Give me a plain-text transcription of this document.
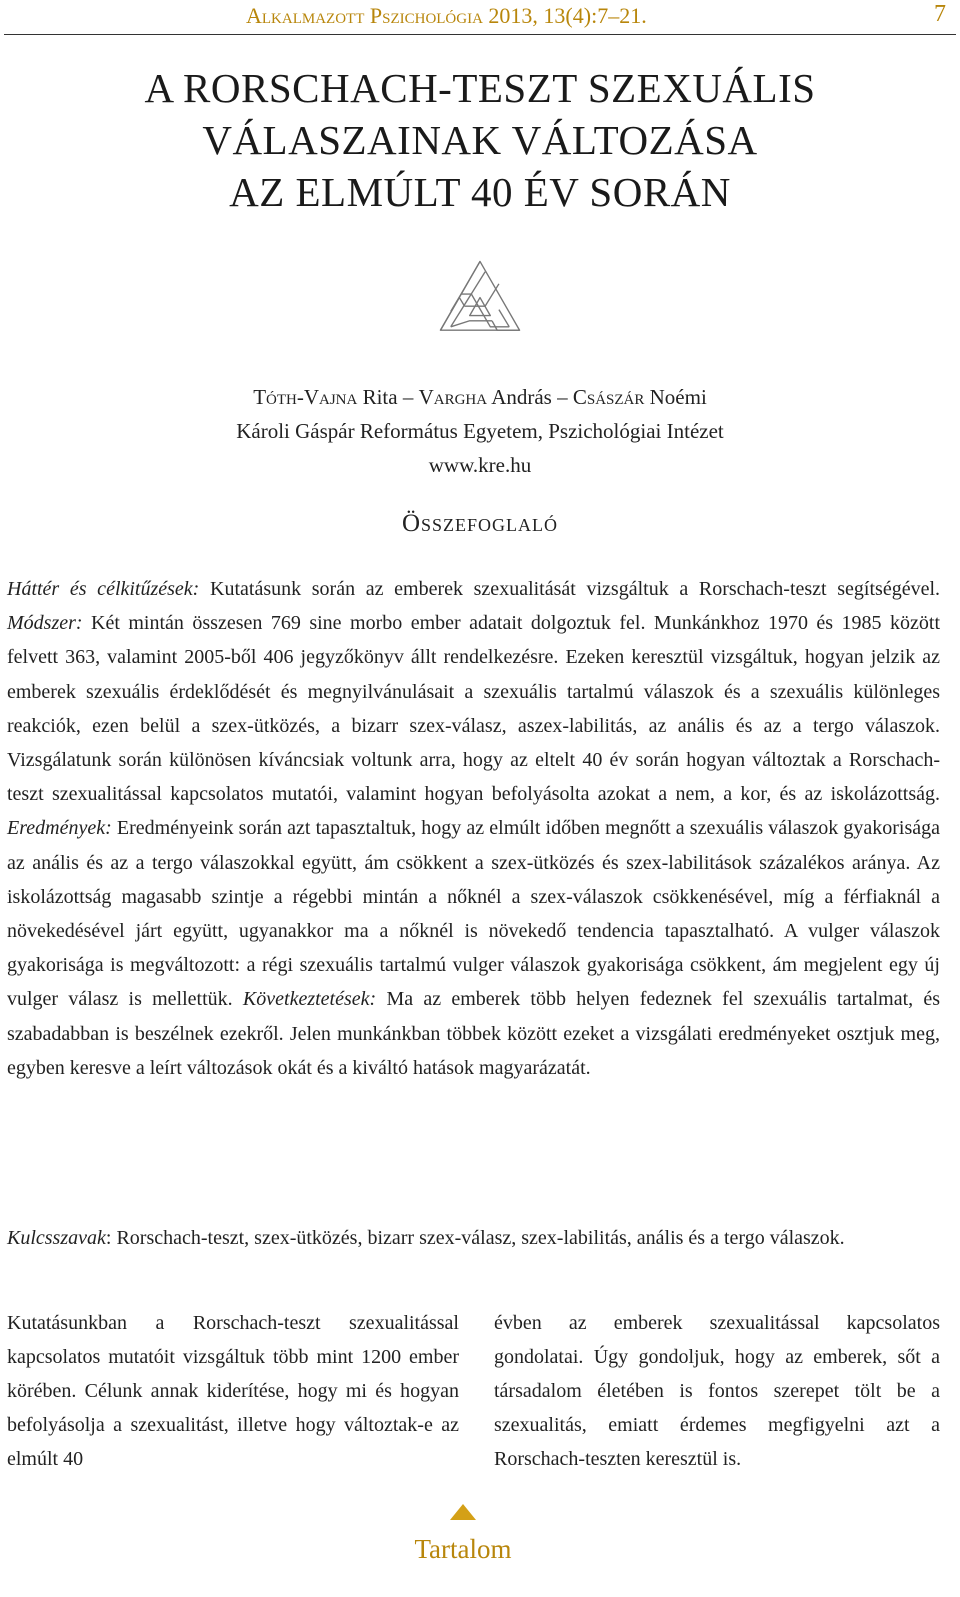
Alkalmazott Pszichológia 2013, 13(4):7–21.	7
A RORSCHACH-TESZT SZEXUÁLIS
VÁLASZAINAK VÁLTOZÁSA
AZ ELMÚLT 40 ÉV SORÁN
Tóth-Vajna Rita – Vargha András – Császár Noémi
Károli Gáspár Református Egyetem, Pszichológiai Intézet
www.kre.hu
Összefoglaló
Háttér és célkitűzések: Kutatásunk során az emberek szexualitását vizsgáltuk a Rorschach-teszt segítségével. Módszer: Két mintán összesen 769 sine morbo ember adatait dolgoztuk fel. Munkánkhoz 1970 és 1985 között felvett 363, valamint 2005-ből 406 jegyzőkönyv állt rendelkezésre. Ezeken keresztül vizsgáltuk, hogyan jelzik az emberek szexuális érdeklődését és megnyilvánulásait a szexuális tartalmú válaszok és a szexuális különleges reakciók, ezen belül a szex-ütközés, a bizarr szex-válasz, aszex-labilitás, az anális és az a tergo válaszok. Vizsgálatunk során különösen kíváncsiak voltunk arra, hogy az eltelt 40 év során hogyan változtak a Rorschach-teszt szexualitással kapcsolatos mutatói, valamint hogyan befolyásolta azokat a nem, a kor, és az iskolázottság. Eredmények: Eredményeink során azt tapasztaltuk, hogy az elmúlt időben megnőtt a szexuális válaszok gyakorisága az anális és az a tergo válaszokkal együtt, ám csökkent a szex-ütközés és szex-labilitások százalékos aránya. Az iskolázottság magasabb szintje a régebbi mintán a nőknél a szex-válaszok csökkenésével, míg a férfiaknál a növekedésével járt együtt, ugyanakkor ma a nőknél is növekedő tendencia tapasztalható. A vulger válaszok gyakorisága is megváltozott: a régi szexuális tartalmú vulger válaszok gyakorisága csökkent, ám megjelent egy új vulger válasz is mellettük. Következtetések: Ma az emberek több helyen fedeznek fel szexuális tartalmat, és szabadabban is beszélnek ezekről. Jelen munkánkban többek között ezeket a vizsgálati eredményeket osztjuk meg, egyben keresve a leírt változások okát és a kiváltó hatások magyarázatát.
Kulcsszavak: Rorschach-teszt, szex-ütközés, bizarr szex-válasz, szex-labilitás, anális és a tergo válaszok.
Kutatásunkban a Rorschach-teszt szexualitással kapcsolatos mutatóit vizsgáltuk több mint 1200 ember körében. Célunk annak kiderítése, hogy mi és hogyan befolyásolja a szexualitást, illetve hogy változtak-e az elmúlt 40
évben az emberek szexualitással kapcsolatos gondolatai. Úgy gondoljuk, hogy az emberek, sőt a társadalom életében is fontos szerepet tölt be a szexualitás, emiatt érdemes megfigyelni azt a Rorschach-teszten keresztül is.
Tartalom
